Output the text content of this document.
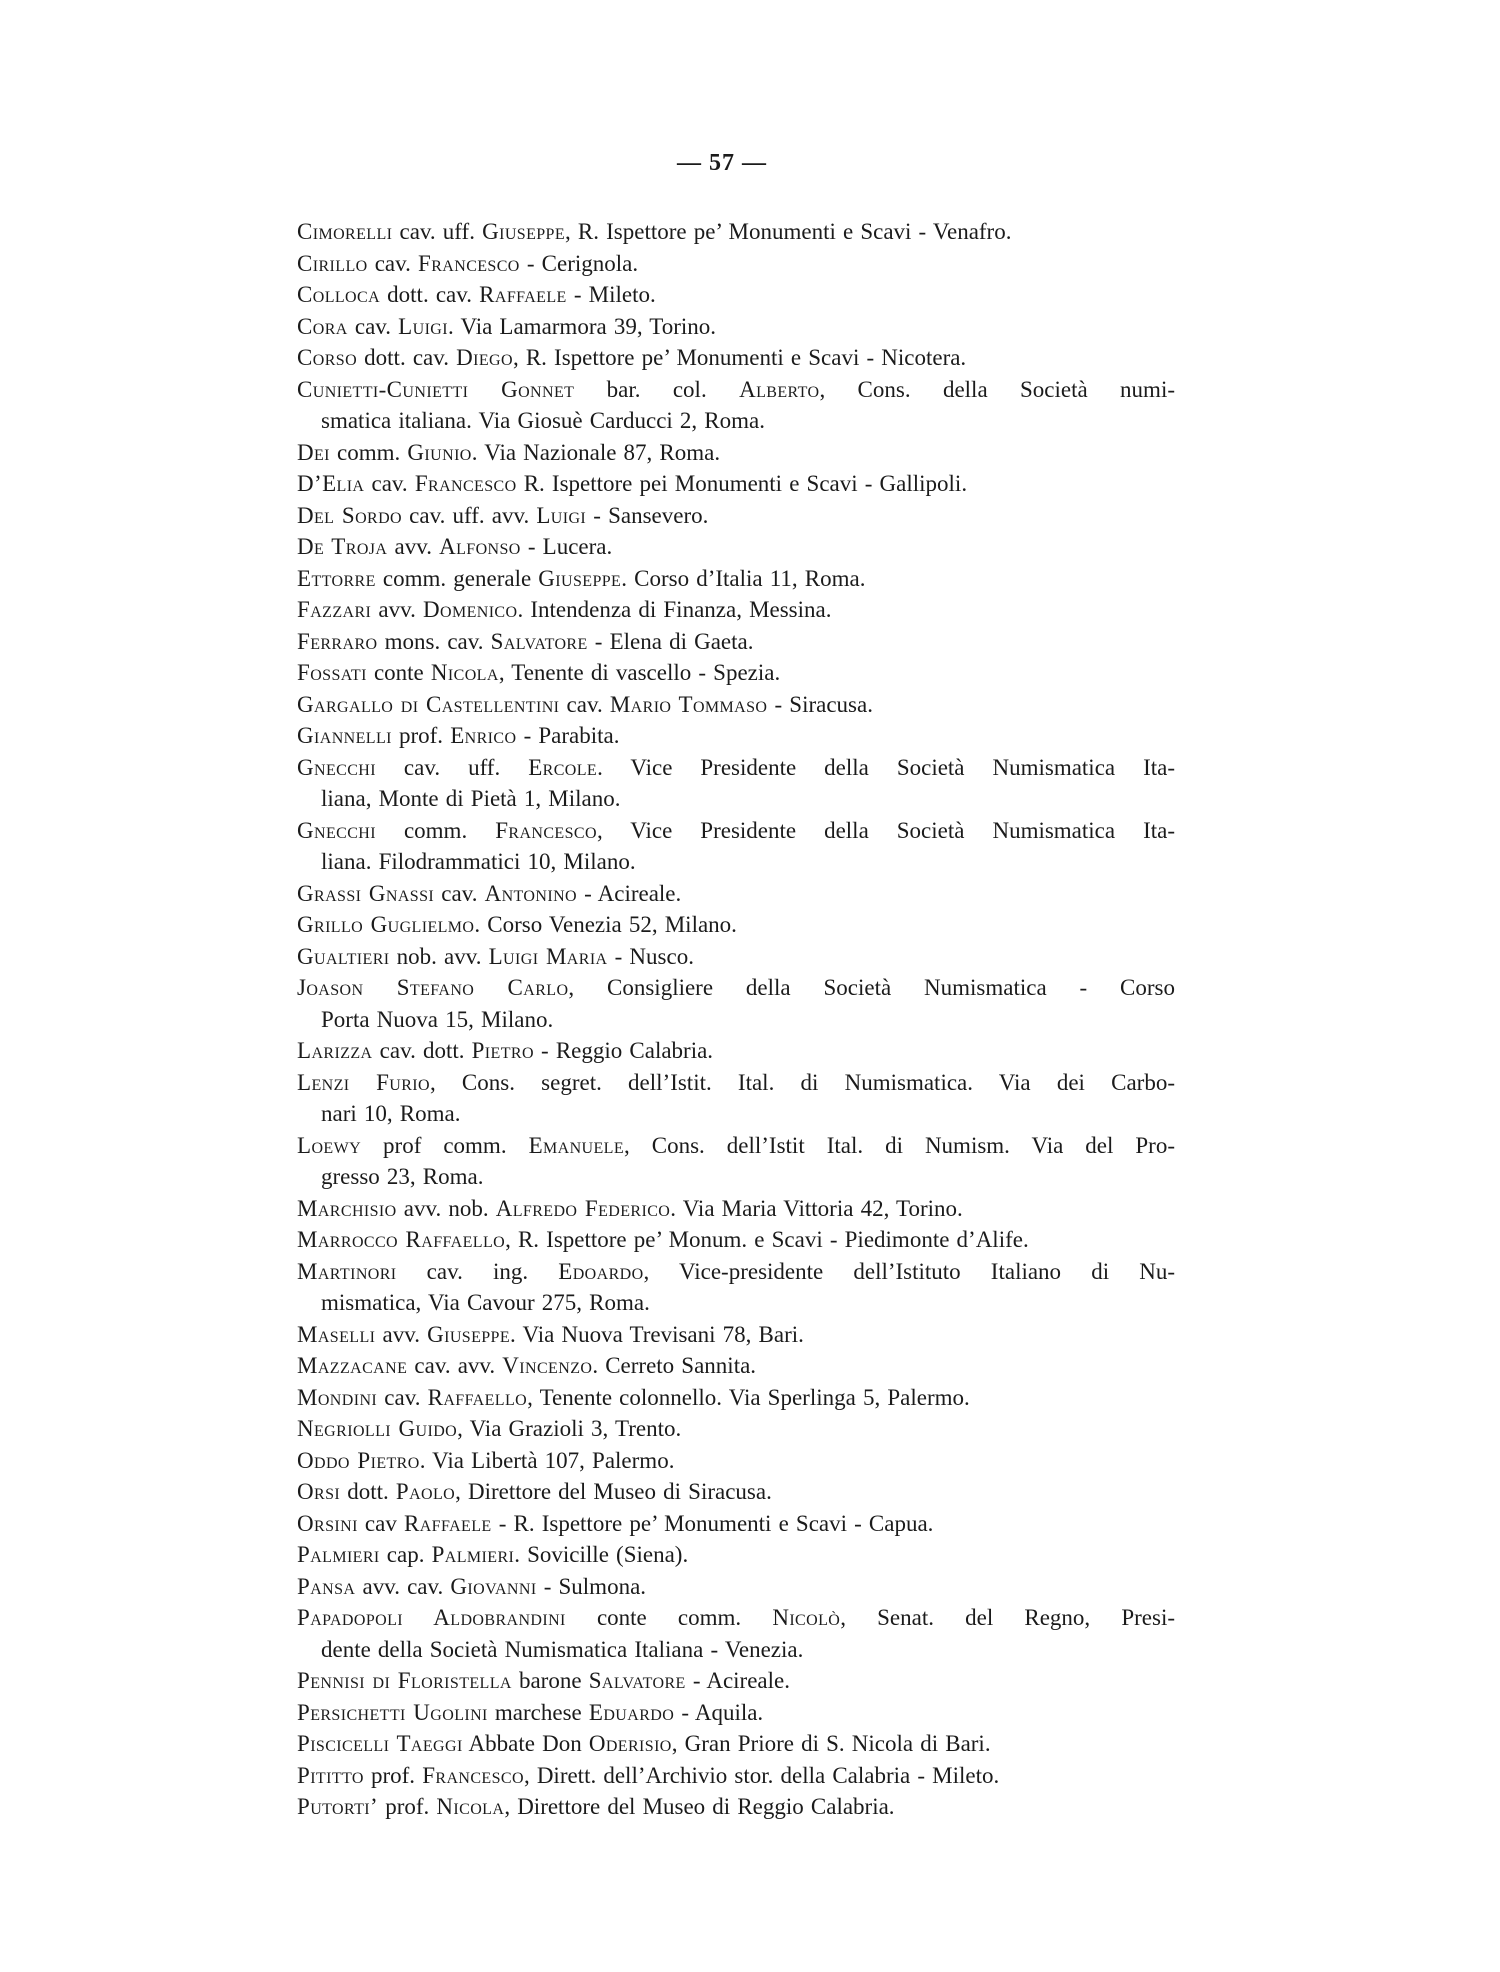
— 57 —
Cimorelli cav. uff. Giuseppe, R. Ispettore pe’ Monumenti e Scavi - Venafro.
Cirillo cav. Francesco - Cerignola.
Colloca dott. cav. Raffaele - Mileto.
Cora cav. Luigi. Via Lamarmora 39, Torino.
Corso dott. cav. Diego, R. Ispettore pe’ Monumenti e Scavi - Nicotera.
Cunietti-Cunietti Gonnet bar. col. Alberto, Cons. della Società numi-
smatica italiana. Via Giosuè Carducci 2, Roma.
Dei comm. Giunio. Via Nazionale 87, Roma.
D’Elia cav. Francesco R. Ispettore pei Monumenti e Scavi - Gallipoli.
Del Sordo cav. uff. avv. Luigi - Sansevero.
De Troja avv. Alfonso - Lucera.
Ettorre comm. generale Giuseppe. Corso d’Italia 11, Roma.
Fazzari avv. Domenico. Intendenza di Finanza, Messina.
Ferraro mons. cav. Salvatore - Elena di Gaeta.
Fossati conte Nicola, Tenente di vascello - Spezia.
Gargallo di Castellentini cav. Mario Tommaso - Siracusa.
Giannelli prof. Enrico - Parabita.
Gnecchi cav. uff. Ercole. Vice Presidente della Società Numismatica Ita-
liana, Monte di Pietà 1, Milano.
Gnecchi comm. Francesco, Vice Presidente della Società Numismatica Ita-
liana. Filodrammatici 10, Milano.
Grassi Gnassi cav. Antonino - Acireale.
Grillo Guglielmo. Corso Venezia 52, Milano.
Gualtieri nob. avv. Luigi Maria - Nusco.
Joason Stefano Carlo, Consigliere della Società Numismatica - Corso
Porta Nuova 15, Milano.
Larizza cav. dott. Pietro - Reggio Calabria.
Lenzi Furio, Cons. segret. dell’Istit. Ital. di Numismatica. Via dei Carbo-
nari 10, Roma.
Loewy prof comm. Emanuele, Cons. dell’Istit Ital. di Numism. Via del Pro-
gresso 23, Roma.
Marchisio avv. nob. Alfredo Federico. Via Maria Vittoria 42, Torino.
Marrocco Raffaello, R. Ispettore pe’ Monum. e Scavi - Piedimonte d’Alife.
Martinori cav. ing. Edoardo, Vice-presidente dell’Istituto Italiano di Nu-
mismatica, Via Cavour 275, Roma.
Maselli avv. Giuseppe. Via Nuova Trevisani 78, Bari.
Mazzacane cav. avv. Vincenzo. Cerreto Sannita.
Mondini cav. Raffaello, Tenente colonnello. Via Sperlinga 5, Palermo.
Negriolli Guido, Via Grazioli 3, Trento.
Oddo Pietro. Via Libertà 107, Palermo.
Orsi dott. Paolo, Direttore del Museo di Siracusa.
Orsini cav Raffaele - R. Ispettore pe’ Monumenti e Scavi - Capua.
Palmieri cap. Palmieri. Sovicille (Siena).
Pansa avv. cav. Giovanni - Sulmona.
Papadopoli Aldobrandini conte comm. Nicolò, Senat. del Regno, Presi-
dente della Società Numismatica Italiana - Venezia.
Pennisi di Floristella barone Salvatore - Acireale.
Persichetti Ugolini marchese Eduardo - Aquila.
Piscicelli Taeggi Abbate Don Oderisio, Gran Priore di S. Nicola di Bari.
Pititto prof. Francesco, Dirett. dell’Archivio stor. della Calabria - Mileto.
Putorti’ prof. Nicola, Direttore del Museo di Reggio Calabria.
